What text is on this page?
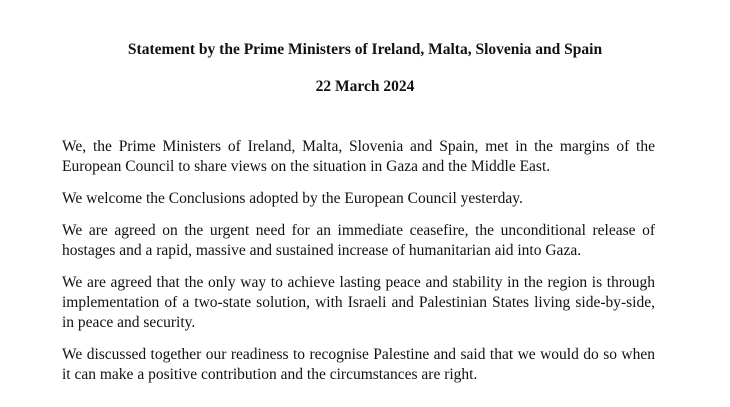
Statement by the Prime Ministers of Ireland, Malta, Slovenia and Spain
22 March 2024

We, the Prime Ministers of Ireland, Malta, Slovenia and Spain, met in the margins of the European Council to share views on the situation in Gaza and the Middle East.

We welcome the Conclusions adopted by the European Council yesterday.

We are agreed on the urgent need for an immediate ceasefire, the unconditional release of hostages and a rapid, massive and sustained increase of humanitarian aid into Gaza.

We are agreed that the only way to achieve lasting peace and stability in the region is through implementation of a two-state solution, with Israeli and Palestinian States living side-by-side, in peace and security.

We discussed together our readiness to recognise Palestine and said that we would do so when it can make a positive contribution and the circumstances are right.
